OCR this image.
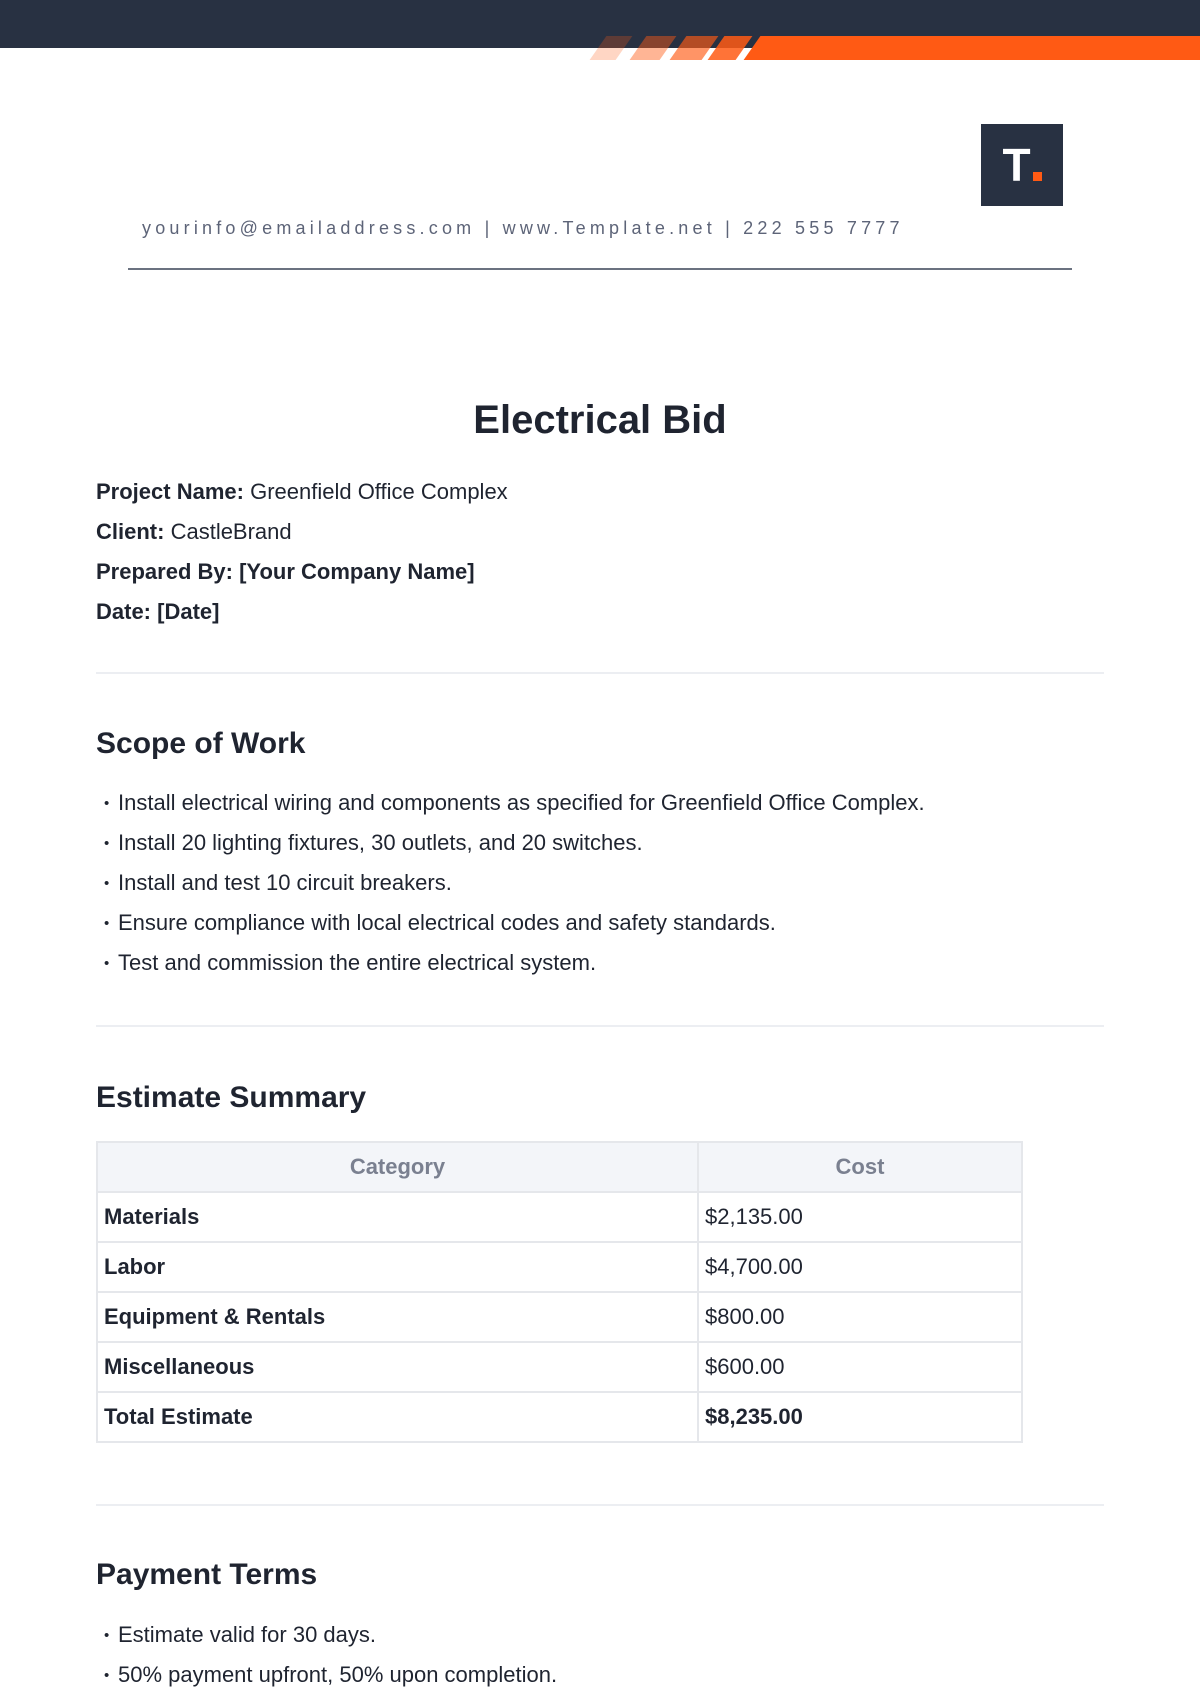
T
yourinfo@emailaddress.com | www.Template.net | 222 555 7777
Electrical Bid
Project Name: Greenfield Office Complex
Client: CastleBrand
Prepared By: [Your Company Name]
Date: [Date]
Scope of Work
• Install electrical wiring and components as specified for Greenfield Office Complex.
• Install 20 lighting fixtures, 30 outlets, and 20 switches.
• Install and test 10 circuit breakers.
• Ensure compliance with local electrical codes and safety standards.
• Test and commission the entire electrical system.
Estimate Summary
Category	Cost
Materials	$2,135.00
Labor	$4,700.00
Equipment & Rentals	$800.00
Miscellaneous	$600.00
Total Estimate	$8,235.00
Payment Terms
• Estimate valid for 30 days.
• 50% payment upfront, 50% upon completion.
